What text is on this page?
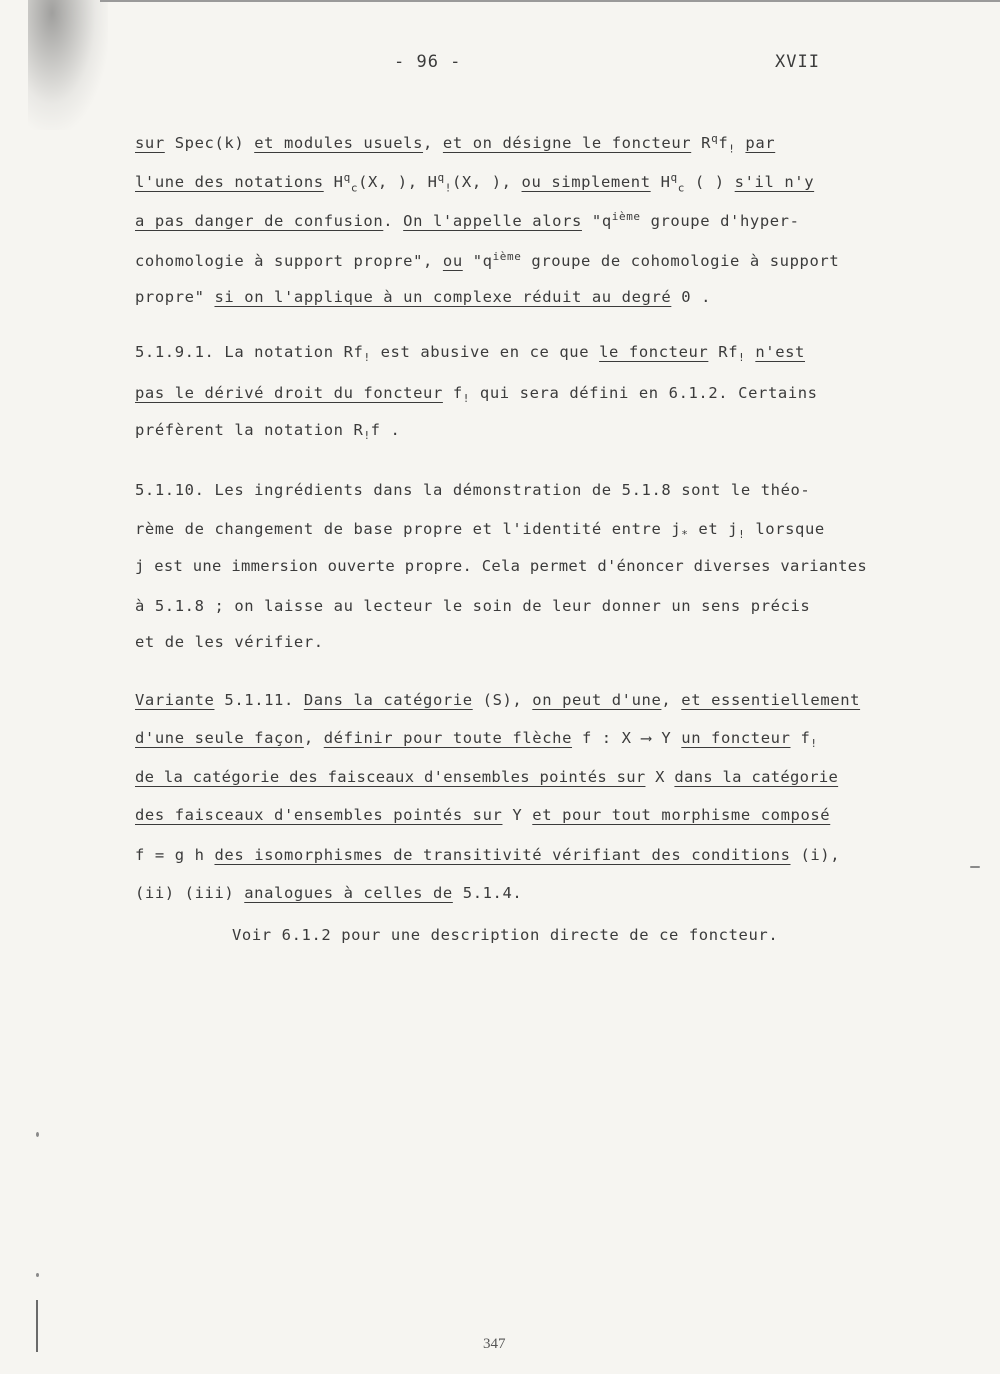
- 96 -	XVII
sur Spec(k) et modules usuels, et on désigne le foncteur $R^qf_!$ par
l'une des notations $H^q_c(X$, ), $H^q_!(X$, ), ou simplement $H^q_c$ ( ) s'il n'y
a pas danger de confusion. On l'appelle alors "$q^{ième}$ groupe d'hyper-
cohomologie à support propre", ou "$q^{ième}$ groupe de cohomologie à support
propre" si on l'applique à un complexe réduit au degré 0 .
5.1.9.1. La notation $Rf_!$ est abusive en ce que le foncteur $Rf_!$ n'est
pas le dérivé droit du foncteur $f_!$ qui sera défini en 6.1.2. Certains
préfèrent la notation $R_!f$ .
5.1.10. Les ingrédients dans la démonstration de 5.1.8 sont le théo-
rème de changement de base propre et l'identité entre $j_*$ et $j_!$ lorsque
j est une immersion ouverte propre. Cela permet d'énoncer diverses variantes
à 5.1.8 ; on laisse au lecteur le soin de leur donner un sens précis
et de les vérifier.
Variante 5.1.11. Dans la catégorie (S), on peut d'une, et essentiellement
d'une seule façon, définir pour toute flèche f : X ⟶ Y un foncteur $f_!$
de la catégorie des faisceaux d'ensembles pointés sur X dans la catégorie
des faisceaux d'ensembles pointés sur Y et pour tout morphisme composé
f = g h des isomorphismes de transitivité vérifiant des conditions (i),
(ii) (iii) analogues à celles de 5.1.4.
Voir 6.1.2 pour une description directe de ce foncteur.
347
